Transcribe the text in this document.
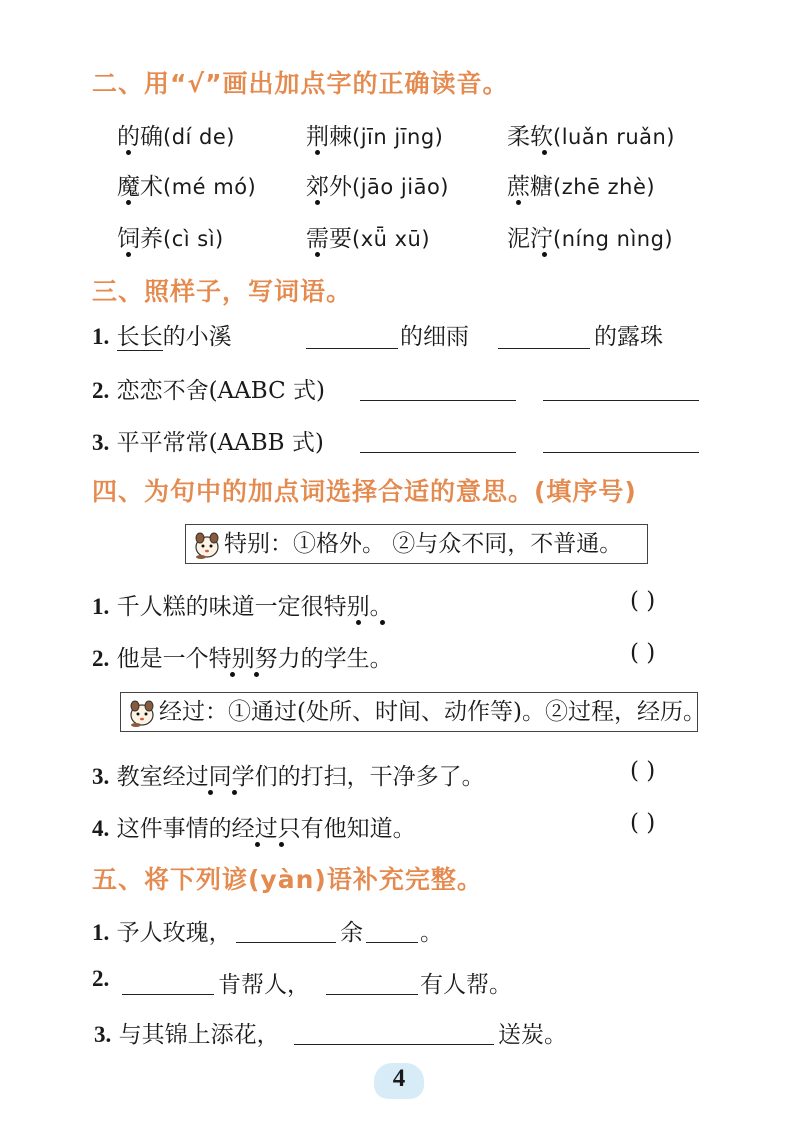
二、用“√”画出加点字的正确读音。
的确(dí de)	荆棘(jīn jīng)	柔软(luǎn ruǎn)
魔术(mé mó) 郊外(jāo jiāo)	蔗糖(zhē zhè)
饲养(cì sì)	需要(xǖ xū)	泥泞(níng nìng)
三、照样子，写词语。
1. 长长的小溪	的细雨	的露珠
2. 恋恋不舍(AABC 式)
3. 平平常常(AABB 式)
四、为句中的加点词选择合适的意思。(填序号)
特别：①格外。 ②与众不同，不普通。
1. 千人糕的味道一定很特别。	( )
2. 他是一个特别努力的学生。	( )
经过：①通过(处所、时间、动作等)。②过程，经历。
3. 教室经过同学们的打扫，干净多了。	( )
4. 这件事情的经过只有他知道。	( )
五、将下列谚(yàn)语补充完整。
1. 予人玫瑰，	余 。
2.	肯帮人，	有人帮。
3. 与其锦上添花，	送炭。
4
